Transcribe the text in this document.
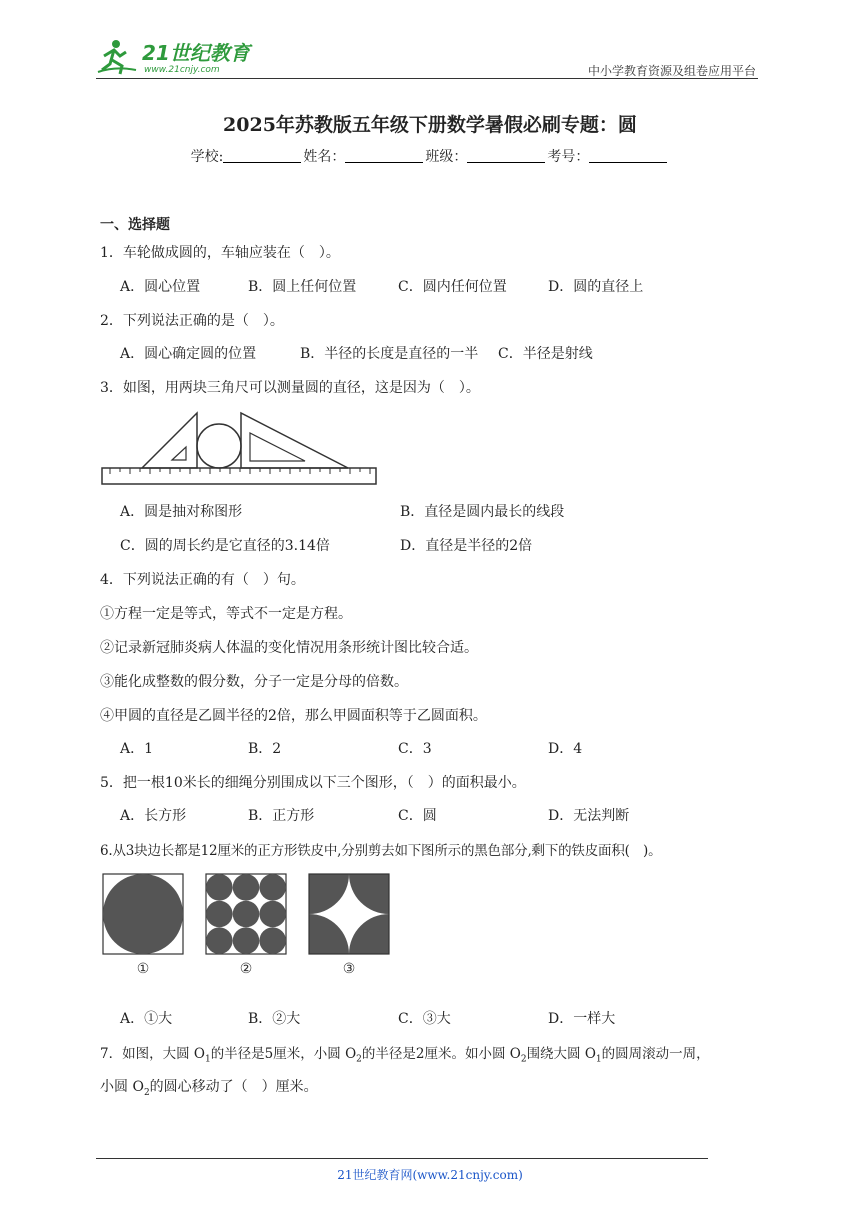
21世纪教育
www.21cnjy.com	中小学教育资源及组卷应用平台
2025年苏教版五年级下册数学暑假必刷专题：圆
学校:	姓名：	班级：	考号：
一、选择题
1．车轮做成圆的，车轴应装在（　）。
A．圆心位置	B．圆上任何位置	C．圆内任何位置	D．圆的直径上
2．下列说法正确的是（　）。
A．圆心确定圆的位置	B．半径的长度是直径的一半 C．半径是射线
3．如图，用两块三角尺可以测量圆的直径，这是因为（　）。
A．圆是抽对称图形	B．直径是圆内最长的线段
C．圆的周长约是它直径的3.14倍	D．直径是半径的2倍
4．下列说法正确的有（　）句。
①方程一定是等式，等式不一定是方程。
②记录新冠肺炎病人体温的变化情况用条形统计图比较合适。
③能化成整数的假分数，分子一定是分母的倍数。
④甲圆的直径是乙圆半径的2倍，那么甲圆面积等于乙圆面积。
A．1	B．2	C．3	D．4
5．把一根10米长的细绳分别围成以下三个图形，（　）的面积最小。
A．长方形	B．正方形	C．圆	D．无法判断
6.从3块边长都是12厘米的正方形铁皮中,分别剪去如下图所示的黑色部分,剩下的铁皮面积(　)。
①	②	③
A．①大	B．②大	C．③大	D．一样大
7．如图，大圆 $O_1$的半径是5厘米，小圆 $O_2$的半径是2厘米。如小圆 $O_2$围绕大圆 $O_1$的圆周滚动一周，
小圆 $O_2$的圆心移动了（　）厘米。
21世纪教育网(www.21cnjy.com)
